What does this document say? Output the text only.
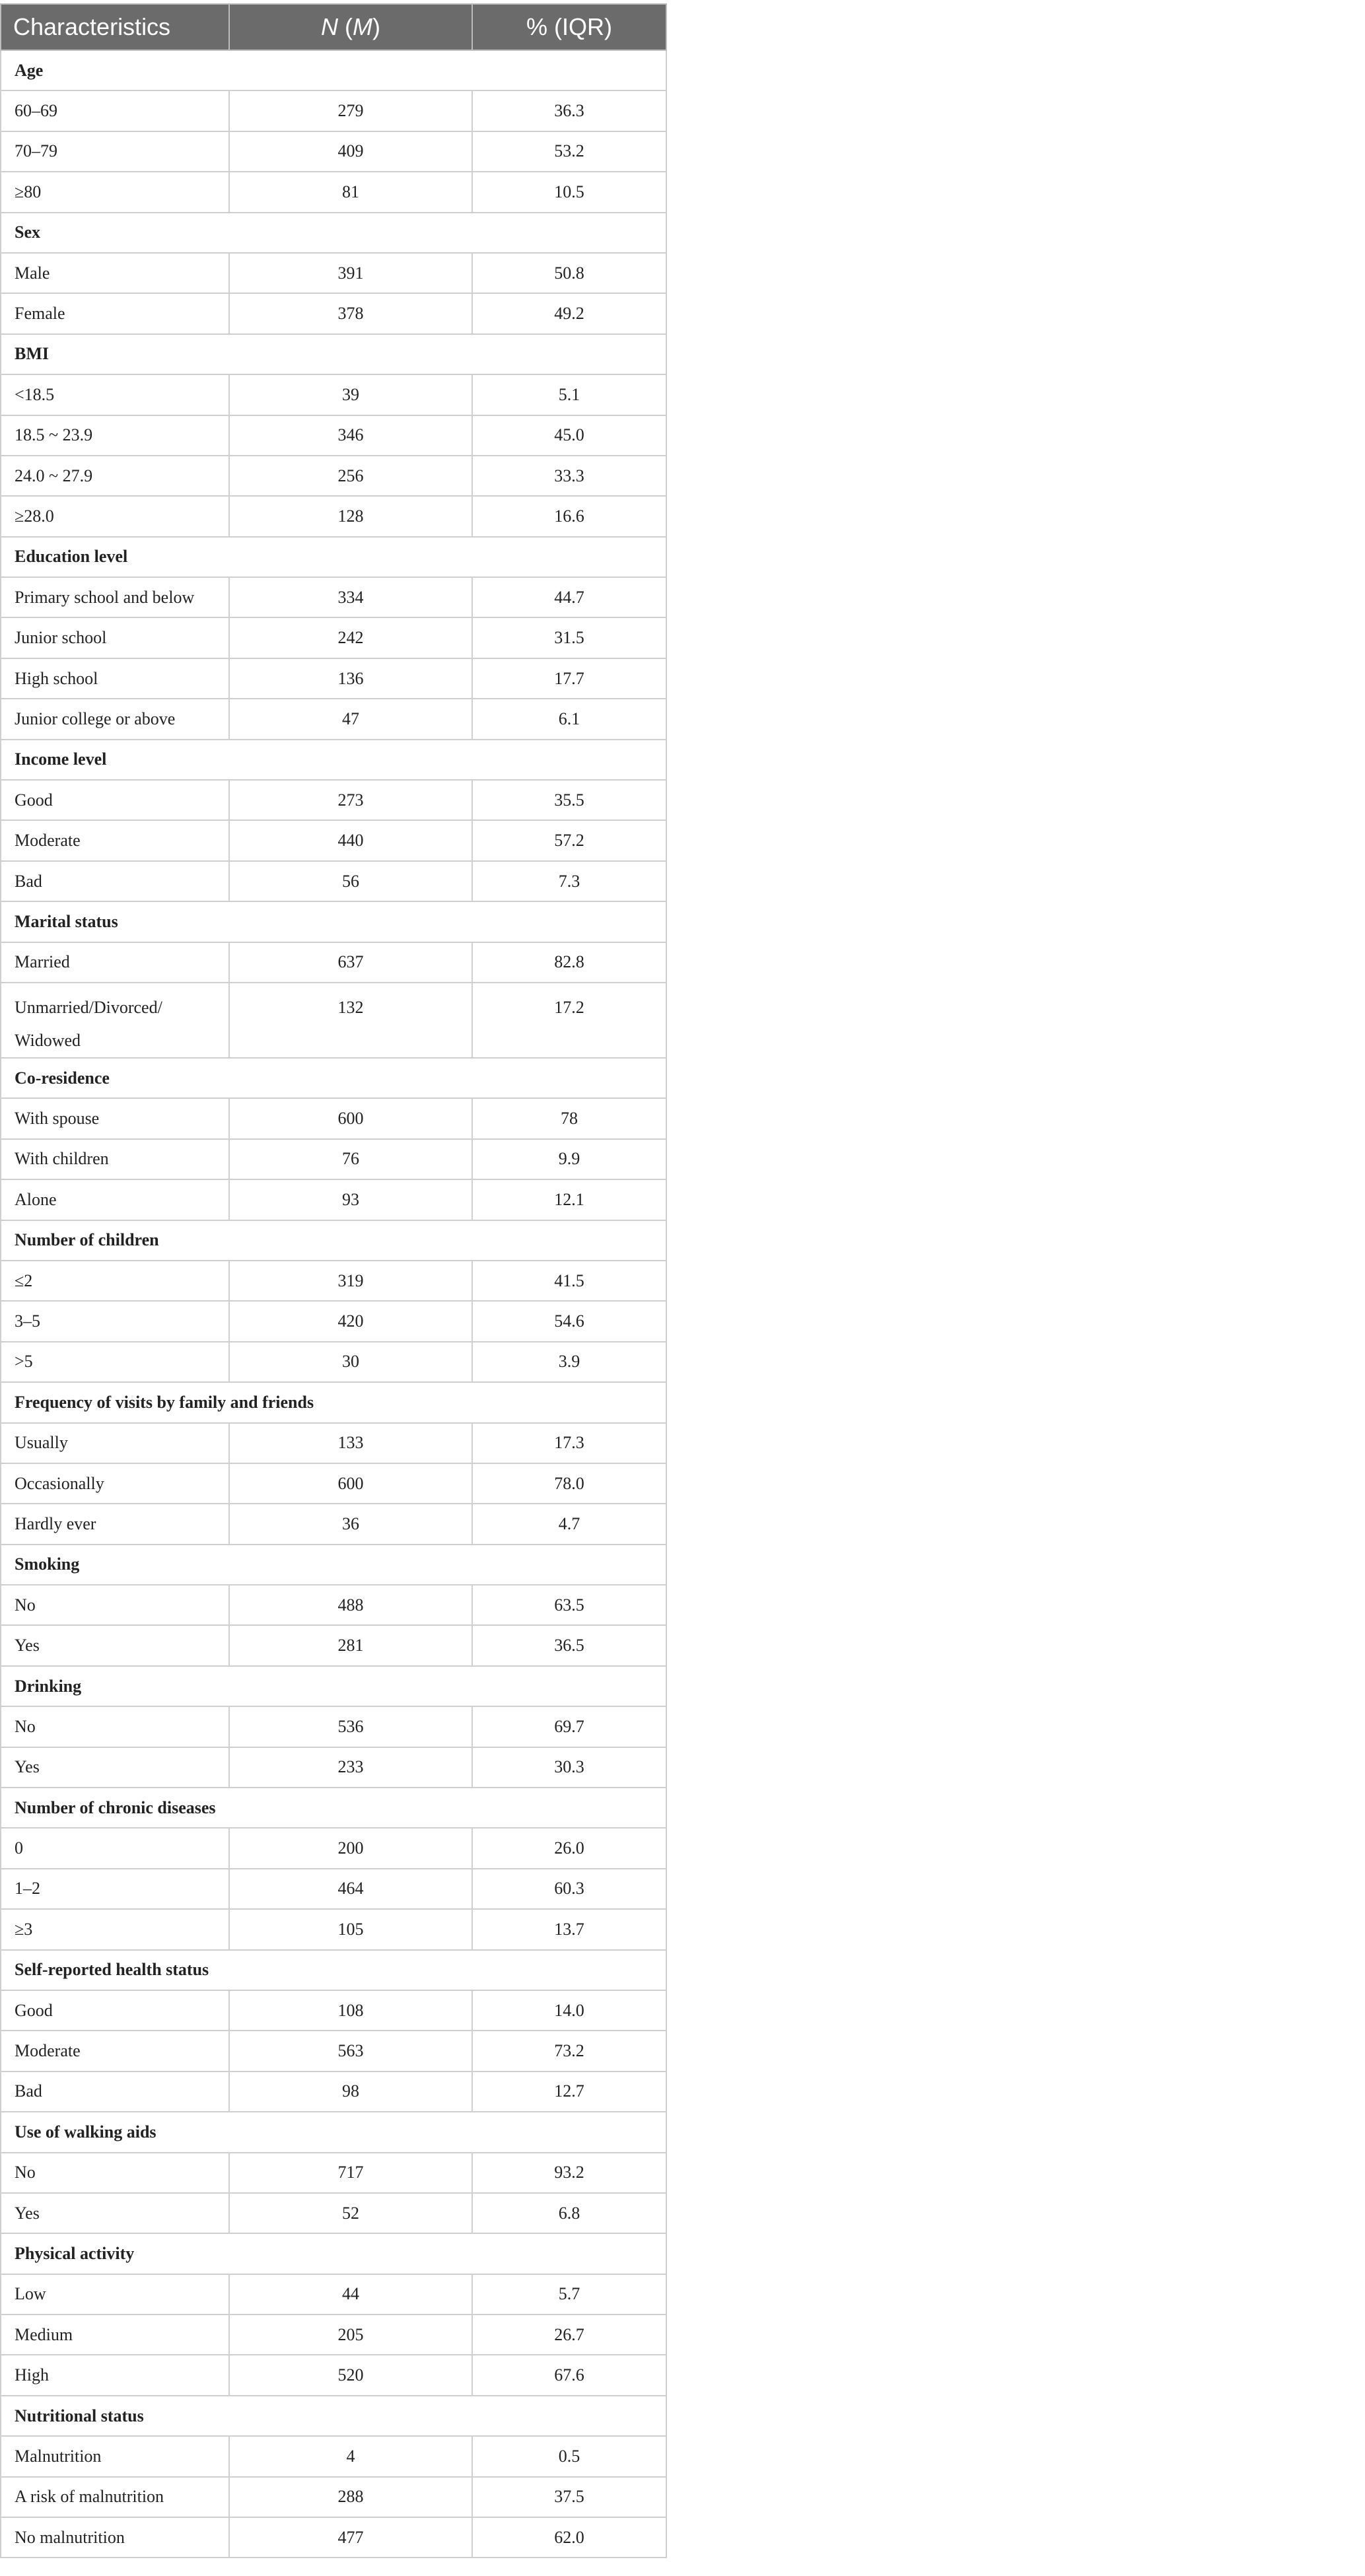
Characteristics	N (M)	% (IQR)
Age		
60–69	279	36.3
70–79	409	53.2
≥80	81	10.5
Sex		
Male	391	50.8
Female	378	49.2
BMI		
<18.5	39	5.1
18.5 ~ 23.9	346	45.0
24.0 ~ 27.9	256	33.3
≥28.0	128	16.6
Education level		
Primary school and below	334	44.7
Junior school	242	31.5
High school	136	17.7
Junior college or above	47	6.1
Income level		
Good	273	35.5
Moderate	440	57.2
Bad	56	7.3
Marital status		
Married	637	82.8
Unmarried/Divorced/ Widowed	132	17.2
Co-residence		
With spouse	600	78
With children	76	9.9
Alone	93	12.1
Number of children		
≤2	319	41.5
3–5	420	54.6
>5	30	3.9
Frequency of visits by family and friends		
Usually	133	17.3
Occasionally	600	78.0
Hardly ever	36	4.7
Smoking		
No	488	63.5
Yes	281	36.5
Drinking		
No	536	69.7
Yes	233	30.3
Number of chronic diseases		
0	200	26.0
1–2	464	60.3
≥3	105	13.7
Self-reported health status		
Good	108	14.0
Moderate	563	73.2
Bad	98	12.7
Use of walking aids		
No	717	93.2
Yes	52	6.8
Physical activity		
Low	44	5.7
Medium	205	26.7
High	520	67.6
Nutritional status		
Malnutrition	4	0.5
A risk of malnutrition	288	37.5
No malnutrition	477	62.0
